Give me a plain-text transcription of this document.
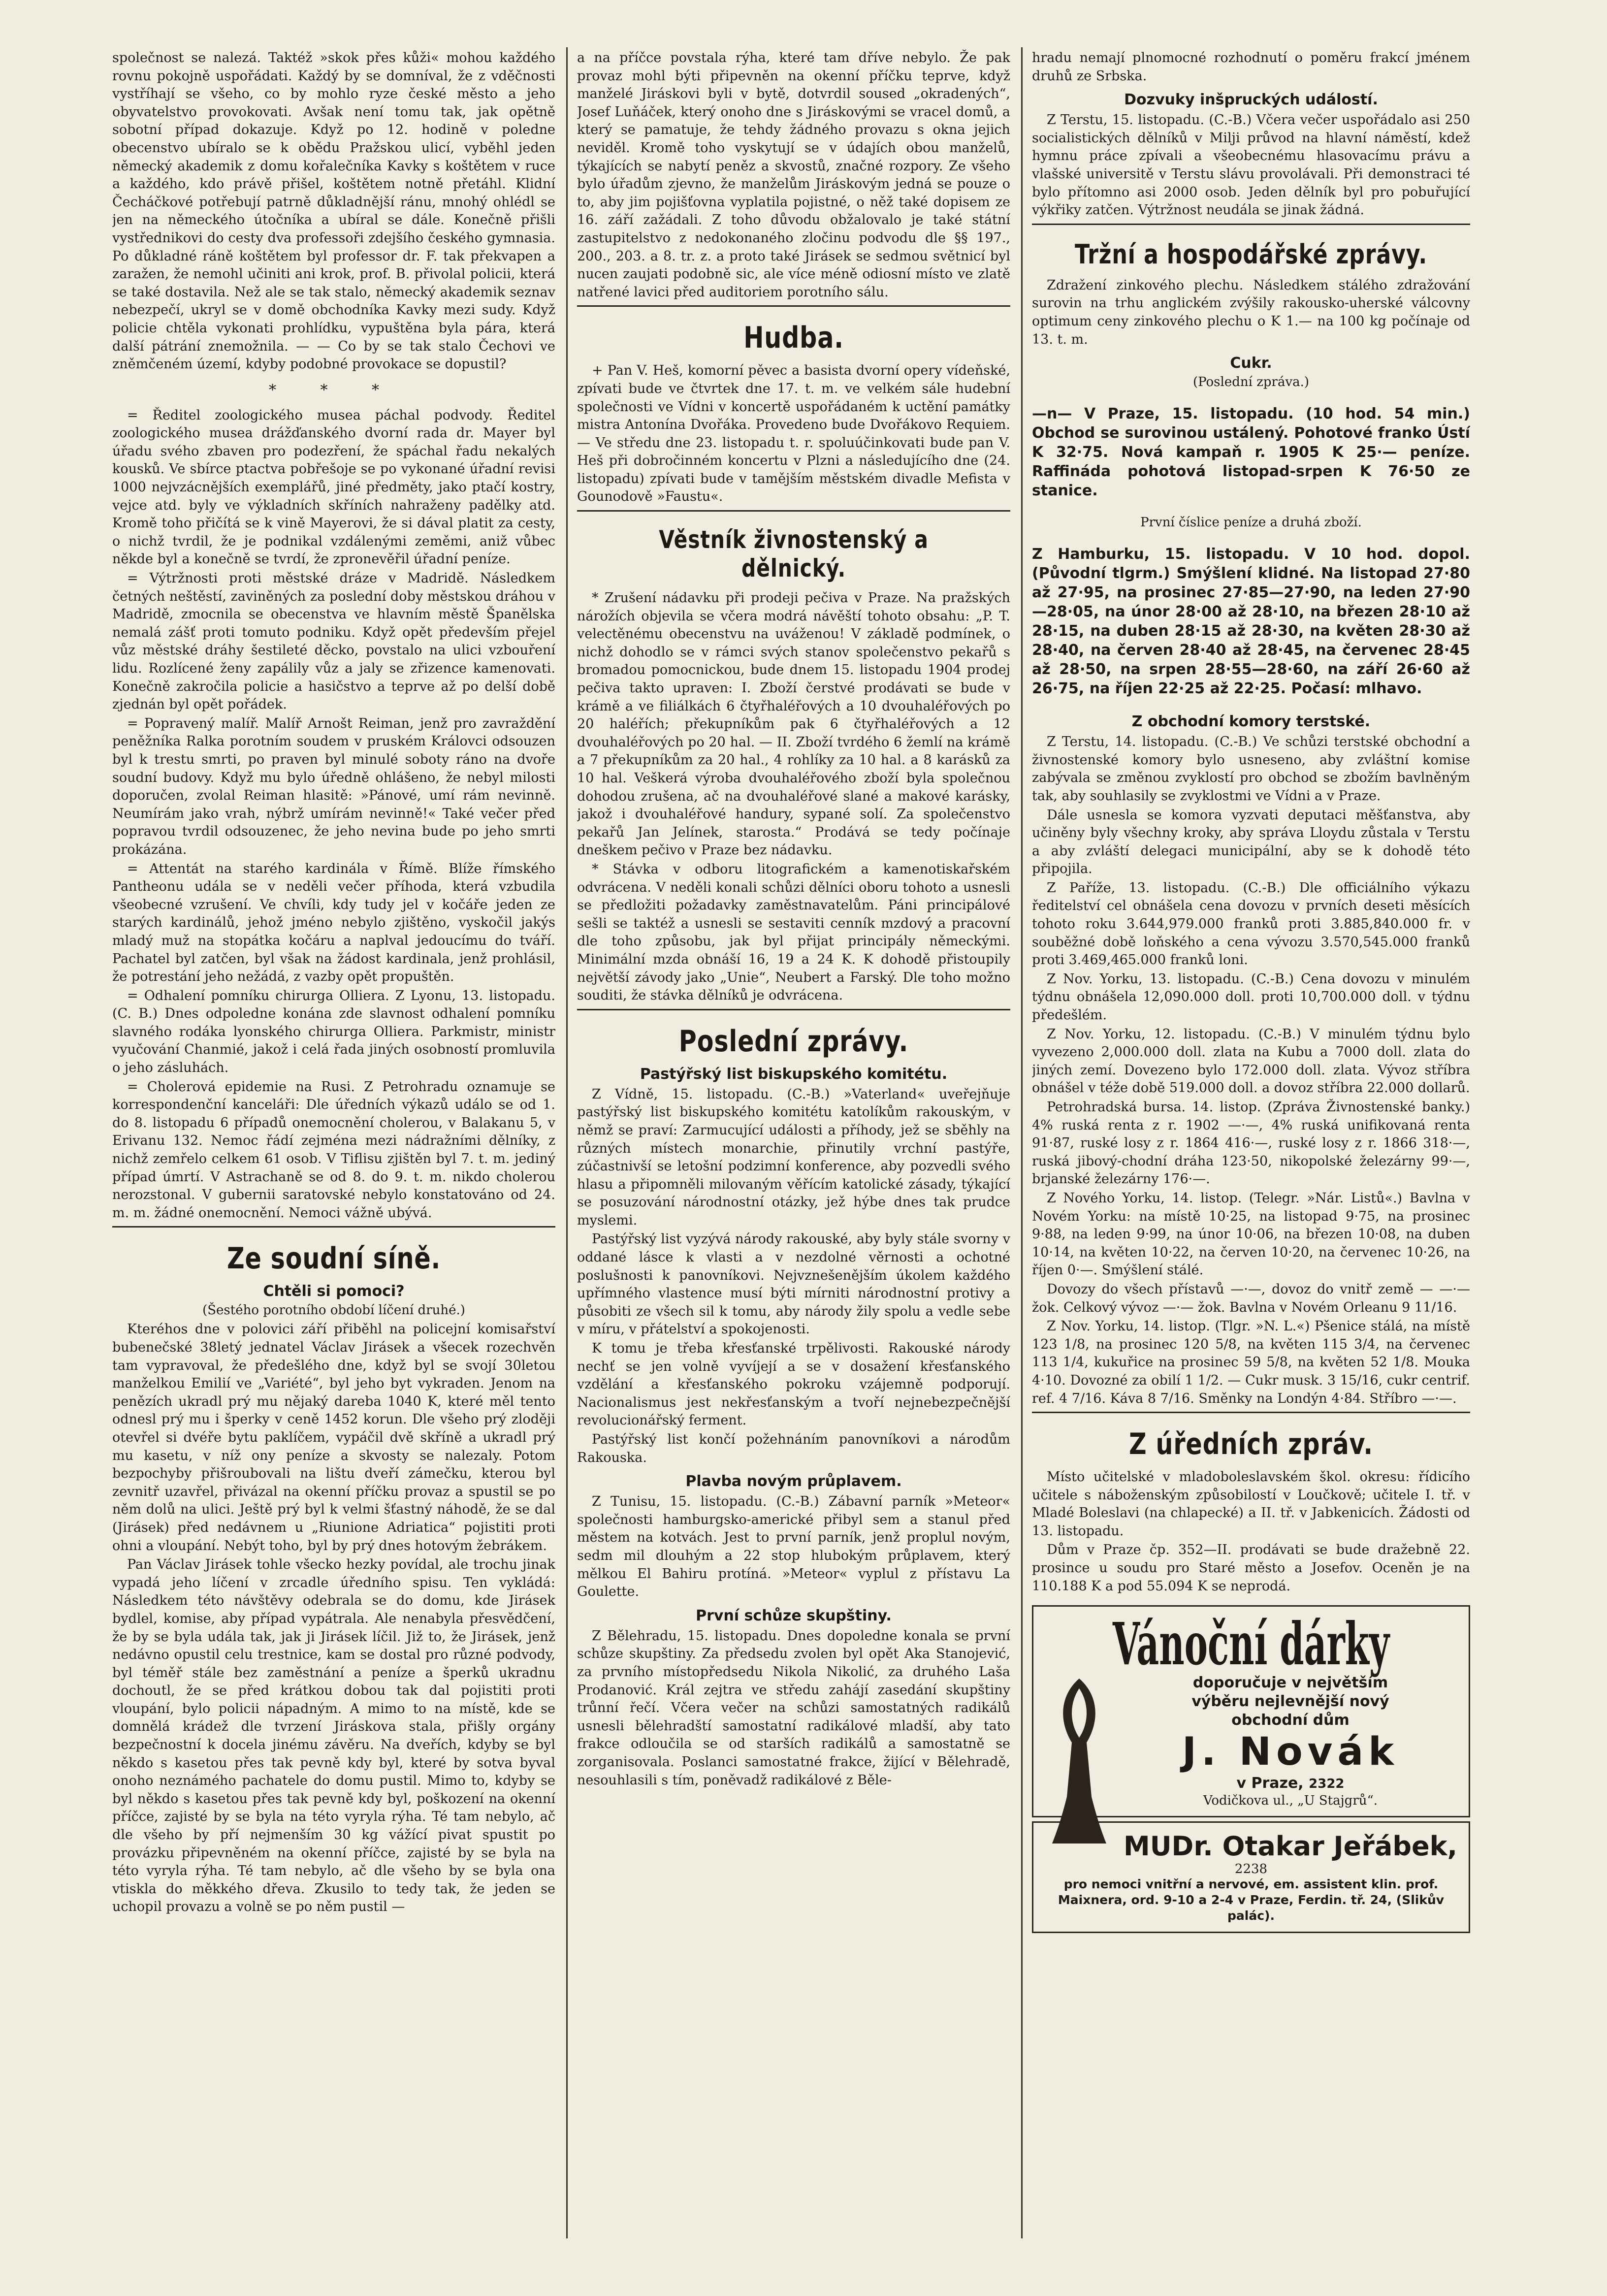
společnost se nalezá. Taktéž »skok přes kůži« mohou každého rovnu pokojně uspořádati. Každý by se domníval, že z vděčnosti vystříhají se všeho, co by mohlo ryze české město a jeho obyvatelstvo provokovati. Avšak není tomu tak, jak opětně sobotní případ dokazuje. Když po 12. hodině v poledne obecenstvo ubíralo se k obědu Pražskou ulicí, vyběhl jeden německý akademik z domu kořalečníka Kavky s koštětem v ruce a každého, kdo právě přišel, koštětem notně přetáhl. Klidní Čecháčkové potřebují patrně důkladnější ránu, mnohý ohlédl se jen na německého útočníka a ubíral se dále. Konečně přišli vystřednikovi do cesty dva professoři zdejšího českého gymnasia. Po důkladné ráně koštětem byl professor dr. F. tak překvapen a zaražen, že nemohl učiniti ani krok, prof. B. přivolal policii, která se také dostavila. Než ale se tak stalo, německý akademik seznav nebezpečí, ukryl se v domě obchodníka Kavky mezi sudy. Když policie chtěla vykonati prohlídku, vypuštěna byla pára, která další pátrání znemožnila. — — Co by se tak stalo Čechovi ve zněmčeném území, kdyby podobné provokace se dopustil?

* * *

= Ředitel zoologického musea páchal podvody. Ředitel zoologického musea drážďanského dvorní rada dr. Mayer byl úřadu svého zbaven pro podezření, že spáchal řadu nekalých kousků. Ve sbírce ptactva pobřešoje se po vykonané úřadní revisi 1000 nejvzácnějších exemplářů, jiné předměty, jako ptačí kostry, vejce atd. byly ve výkladních skříních nahraženy padělky atd. Kromě toho přičítá se k vině Mayerovi, že si dával platit za cesty, o nichž tvrdil, že je podnikal vzdálenými zeměmi, aniž vůbec někde byl a konečně se tvrdí, že zpronevěřil úřadní peníze.

= Výtržnosti proti městské dráze v Madridě. Následkem četných neštěstí, zaviněných za poslední doby městskou dráhou v Madridě, zmocnila se obecenstva ve hlavním městě Španělska nemalá zášť proti tomuto podniku. Když opět především přejel vůz městské dráhy šestileté děcko, povstalo na ulici vzbouření lidu. Rozlícené ženy zapálily vůz a jaly se zřizence kamenovati. Konečně zakročila policie a hasičstvo a teprve až po delší době zjednán byl opět pořádek.

= Popravený malíř. Malíř Arnošt Reiman, jenž pro zavraždění peněžníka Ralka porotním soudem v pruském Královci odsouzen byl k trestu smrti, po praven byl minulé soboty ráno na dvoře soudní budovy. Když mu bylo úředně ohlášeno, že nebyl milosti doporučen, zvolal Reiman hlasitě: »Pánové, umí rám nevinně. Neumírám jako vrah, nýbrž umírám nevinně!« Také večer před popravou tvrdil odsouzenec, že jeho nevina bude po jeho smrti prokázána.

= Attentát na starého kardinála v Římě. Blíže římského Pantheonu udála se v neděli večer příhoda, která vzbudila všeobecné vzrušení. Ve chvíli, kdy tudy jel v kočáře jeden ze starých kardinálů, jehož jméno nebylo zjištěno, vyskočil jakýs mladý muž na stopátka kočáru a naplval jedoucímu do tváří. Pachatel byl zatčen, byl však na žádost kardinala, jenž prohlásil, že potrestání jeho nežádá, z vazby opět propuštěn.

= Odhalení pomníku chirurga Olliera. Z Lyonu, 13. listopadu. (C. B.) Dnes odpoledne konána zde slavnost odhalení pomníku slavného rodáka lyonského chirurga Olliera. Parkmistr, ministr vyučování Chanmié, jakož i celá řada jiných osobností promluvila o jeho zásluhách.

= Cholerová epidemie na Rusi. Z Petrohradu oznamuje se korrespondenční kanceláři: Dle úředních výkazů událo se od 1. do 8. listopadu 6 případů onemocnění cholerou, v Balakanu 5, v Erivanu 132. Nemoc řádí zejména mezi nádražními dělníky, z nichž zemřelo celkem 61 osob. V Tiflisu zjištěn byl 7. t. m. jediný případ úmrtí. V Astrachaně se od 8. do 9. t. m. nikdo cholerou nerozstonal. V gubernii saratovské nebylo konstatováno od 24. m. m. žádné onemocnění. Nemoci vážně ubývá.

Ze soudní síně.
Chtěli si pomoci?
(Šestého porotního období líčení druhé.)

Kteréhos dne v polovici září přiběhl na policejní komisařství bubenečské 38letý jednatel Václav Jirásek a všecek rozechvěn tam vypravoval, že předešlého dne, když byl se svojí 30letou manželkou Emilií ve „Variété“, byl jeho byt vykraden. Jenom na penězích ukradl prý mu nějaký dareba 1040 K, které měl tento odnesl prý mu i šperky v ceně 1452 korun. Dle všeho prý zloději otevřel si dvéře bytu paklíčem, vypáčil dvě skříně a ukradl prý mu kasetu, v níž ony peníze a skvosty se nalezaly. Potom bezpochyby přišroubovali na lištu dveří zámečku, kterou byl zevnitř uzavřel, přivázal na okenní příčku provaz a spustil se po něm dolů na ulici. Ještě prý byl k velmi šťastný náhodě, že se dal (Jirásek) před nedávnem u „Riunione Adriatica“ pojistiti proti ohni a vloupání. Nebýt toho, byl by prý dnes hotovým žebrákem.

Pan Václav Jirásek tohle všecko hezky povídal, ale trochu jinak vypadá jeho líčení v zrcadle úředního spisu. Ten vykládá: Následkem této návštěvy odebrala se do domu, kde Jirásek bydlel, komise, aby případ vypátrala. Ale nenabyla přesvědčení, že by se byla udála tak, jak ji Jirásek líčil. Již to, že Jirásek, jenž nedávno opustil celu trestnice, kam se dostal pro různé podvody, byl téměř stále bez zaměstnání a peníze a šperků ukradnu dochoutl, že se před krátkou dobou tak dal pojistiti proti vloupání, bylo policii nápadným. A mimo to na místě, kde se domnělá krádež dle tvrzení Jiráskova stala, přišly orgány bezpečnostní k docela jinému závěru. Na dveřích, kdyby se byl někdo s kasetou přes tak pevně kdy byl, které by sotva byval onoho neznámého pachatele do domu pustil. Mimo to, kdyby se byl někdo s kasetou přes tak pevně kdy byl, poškození na okenní příčce, zajisté by se byla na této vyryla rýha. Té tam nebylo, ač dle všeho by pří nejmenším 30 kg vážící pivat spustit po provázku připevněném na okenní příčce, zajisté by se byla na této vyryla rýha. Té tam nebylo, ač dle všeho by se byla ona vtiskla do měkkého dřeva. Zkusilo to tedy tak, že jeden se uchopil provazu a volně se po něm pustil —

a na příčce povstala rýha, které tam dříve nebylo. Že pak provaz mohl býti připevněn na okenní příčku teprve, když manželé Jiráskovi byli v bytě, dotvrdil soused „okradených“, Josef Luňáček, který onoho dne s Jiráskovými se vracel domů, a který se pamatuje, že tehdy žádného provazu s okna jejich neviděl. Kromě toho vyskytují se v údajích obou manželů, týkajících se nabytí peněz a skvostů, značné rozpory. Ze všeho bylo úřadům zjevno, že manželům Jiráskovým jedná se pouze o to, aby jim pojišťovna vyplatila pojistné, o něž také dopisem ze 16. září zažádali. Z toho důvodu obžalovalo je také státní zastupitelstvo z nedokonaného zločinu podvodu dle §§ 197., 200., 203. a 8. tr. z. a proto také Jirásek se sedmou světnicí byl nucen zaujati podobně sic, ale více méně odiosní místo ve zlatě natřené lavici před auditoriem porotního sálu.

Hudba.

+ Pan V. Heš, komorní pěvec a basista dvorní opery vídeňské, zpívati bude ve čtvrtek dne 17. t. m. ve velkém sále hudební společnosti ve Vídni v koncertě uspořádaném k uctění památky mistra Antonína Dvořáka. Provedeno bude Dvořákovo Requiem. — Ve středu dne 23. listopadu t. r. spoluúčinkovati bude pan V. Heš při dobročinném koncertu v Plzni a následujícího dne (24. listopadu) zpívati bude v tamějším městském divadle Mefista v Gounodově »Faustu«.

Věstník živnostenský a dělnický.

* Zrušení nádavku při prodeji pečiva v Praze. Na pražských nárožích objevila se včera modrá návěští tohoto obsahu: „P. T. velectěnému obecenstvu na uváženou! V základě podmínek, o nichž dohodlo se v rámci svých stanov společenstvo pekařů s bromadou pomocnickou, bude dnem 15. listopadu 1904 prodej pečiva takto upraven: I. Zboží čerstvé prodávati se bude v krámě a ve filiálkách 6 čtyřhaléřových a 10 dvouhaléřových po 20 haléřích; překupníkům pak 6 čtyřhaléřových a 12 dvouhaléřových po 20 hal. — II. Zboží tvrdého 6 žemlí na krámě a 7 překupníkům za 20 hal., 4 rohlíky za 10 hal. a 8 karásků za 10 hal. Veškerá výroba dvouhaléřového zboží byla společnou dohodou zrušena, ač na dvouhaléřové slané a makové karásky, jakož i dvouhaléřové handury, sypané solí. Za společenstvo pekařů Jan Jelínek, starosta.“ Prodává se tedy počínaje dneškem pečivo v Praze bez nádavku.

* Stávka v odboru litografickém a kamenotiskařském odvrácena. V neděli konali schůzi dělníci oboru tohoto a usnesli se předložiti požadavky zaměstnavatelům. Páni principálové sešli se taktéž a usnesli se sestaviti cenník mzdový a pracovní dle toho způsobu, jak byl přijat principály německými. Minimální mzda obnáší 16, 19 a 24 K. K dohodě přistoupily největší závody jako „Unie“, Neubert a Farský. Dle toho možno souditi, že stávka dělníků je odvrácena.

Poslední zprávy.
Pastýřský list biskupského komitétu.

Z Vídně, 15. listopadu. (C.-B.) »Vaterland« uveřejňuje pastýřský list biskupského komitétu katolíkům rakouským, v němž se praví: Zarmucující události a příhody, jež se sběhly na různých místech monarchie, přinutily vrchní pastýře, zúčastnivší se letošní podzimní konference, aby pozvedli svého hlasu a připomněli milovaným věřícím katolické zásady, týkající se posuzování národnostní otázky, jež hýbe dnes tak prudce myslemi.

Pastýřský list vyzývá národy rakouské, aby byly stále svorny v oddané lásce k vlasti a v nezdolné věrnosti a ochotné poslušnosti k panovníkovi. Nejvznešenějším úkolem každého upřímného vlastence musí býti mírniti národnostní protivy a působiti ze všech sil k tomu, aby národy žily spolu a vedle sebe v míru, v přátelství a spokojenosti.

K tomu je třeba křesťanské trpělivosti. Rakouské národy nechť se jen volně vyvíjejí a se v dosažení křesťanského vzdělání a křesťanského pokroku vzájemně podporují. Nacionalismus jest nekřesťanským a tvoří nejnebezpečnější revolucionářský ferment.

Pastýřský list končí požehnáním panovníkovi a národům Rakouska.

Plavba novým průplavem.

Z Tunisu, 15. listopadu. (C.-B.) Zábavní parník »Meteor« společnosti hamburgsko-americké přibyl sem a stanul před městem na kotvách. Jest to první parník, jenž proplul novým, sedm mil dlouhým a 22 stop hlubokým průplavem, který mělkou El Bahiru protíná. »Meteor« vyplul z přístavu La Goulette.

První schůze skupštiny.

Z Bělehradu, 15. listopadu. Dnes dopoledne konala se první schůze skupštiny. Za předsedu zvolen byl opět Aka Stanojević, za prvního místopředsedu Nikola Nikolić, za druhého Laša Prodanović. Král zejtra ve středu zahájí zasedání skupštiny trůnní řečí. Včera večer na schůzi samostatných radikálů usnesli bělehradští samostatní radikálové mladší, aby tato frakce odloučila se od starších radikálů a samostatně se zorganisovala. Poslanci samostatné frakce, žijící v Bělehradě, nesouhlasili s tím, poněvadž radikálové z Běle-

hradu nemají plnomocné rozhodnutí o poměru frakcí jménem druhů ze Srbska.

Dozvuky inšpruckých událostí.

Z Terstu, 15. listopadu. (C.-B.) Včera večer uspořádalo asi 250 socialistických dělníků v Milji průvod na hlavní náměstí, kdež hymnu práce zpívali a všeobecnému hlasovacímu právu a vlašské universitě v Terstu slávu provolávali. Při demonstraci té bylo přítomno asi 2000 osob. Jeden dělník byl pro pobuřující výkřiky zatčen. Výtržnost neudála se jinak žádná.

Tržní a hospodářské zprávy.

Zdražení zinkového plechu. Následkem stálého zdražování surovin na trhu anglickém zvýšily rakousko-uherské válcovny optimum ceny zinkového plechu o K 1.— na 100 kg počínaje od 13. t. m.

Cukr.
(Poslední zpráva.)

—n— V Praze, 15. listopadu. (10 hod. 54 min.) Obchod se surovinou ustálený. Pohotové franko Ústí K 32·75. Nová kampaň r. 1905 K 25·— peníze. Raffináda pohotová listopad-srpen K 76·50 ze stanice.

První číslice peníze a druhá zboží.

Z Hamburku, 15. listopadu. V 10 hod. dopol. (Původní tlgrm.) Smýšlení klidné. Na listopad 27·80 až 27·95, na prosinec 27·85—27·90, na leden 27·90—28·05, na únor 28·00 až 28·10, na březen 28·10 až 28·15, na duben 28·15 až 28·30, na květen 28·30 až 28·40, na červen 28·40 až 28·45, na červenec 28·45 až 28·50, na srpen 28·55—28·60, na září 26·60 až 26·75, na říjen 22·25 až 22·25. Počasí: mlhavo.

Z obchodní komory terstské.

Z Terstu, 14. listopadu. (C.-B.) Ve schůzi terstské obchodní a živnostenské komory bylo usneseno, aby zvláštní komise zabývala se změnou zvyklostí pro obchod se zbožím bavlněným tak, aby souhlasily se zvyklostmi ve Vídni a v Praze.

Dále usnesla se komora vyzvati deputaci měšťanstva, aby učiněny byly všechny kroky, aby správa Lloydu zůstala v Terstu a aby zvláští delegaci municipální, aby se k dohodě této připojila.

Z Paříže, 13. listopadu. (C.-B.) Dle officiálního výkazu ředitelství cel obnášela cena dovozu v prvních deseti měsících tohoto roku 3.644,979.000 franků proti 3.885,840.000 fr. v souběžné době loňského a cena vývozu 3.570,545.000 franků proti 3.469,465.000 franků loni.

Z Nov. Yorku, 13. listopadu. (C.-B.) Cena dovozu v minulém týdnu obnášela 12,090.000 doll. proti 10,700.000 doll. v týdnu předešlém.

Z Nov. Yorku, 12. listopadu. (C.-B.) V minulém týdnu bylo vyvezeno 2,000.000 doll. zlata na Kubu a 7000 doll. zlata do jiných zemí. Dovezeno bylo 172.000 doll. zlata. Vývoz stříbra obnášel v téže době 519.000 doll. a dovoz stříbra 22.000 dollarů.

Petrohradská bursa. 14. listop. (Zpráva Živnostenské banky.) 4% ruská renta z r. 1902 —·—, 4% ruská unifikovaná renta 91·87, ruské losy z r. 1864 416·—, ruské losy z r. 1866 318·—, ruská jibový-chodní dráha 123·50, nikopolské železárny 99·—, brjanské železárny 176·—.

Z Nového Yorku, 14. listop. (Telegr. »Nár. Listů«.) Bavlna v Novém Yorku: na místě 10·25, na listopad 9·75, na prosinec 9·88, na leden 9·99, na únor 10·06, na březen 10·08, na duben 10·14, na květen 10·22, na červen 10·20, na červenec 10·26, na říjen 0·—. Smýšlení stálé.

Dovozy do všech přístavů —·—, dovoz do vnitř země — —·— žok. Celkový vývoz —·— žok. Bavlna v Novém Orleanu 9 11/16.

Z Nov. Yorku, 14. listop. (Tlgr. »N. L.«) Pšenice stálá, na místě 123 1/8, na prosinec 120 5/8, na květen 115 3/4, na červenec 113 1/4, kukuřice na prosinec 59 5/8, na květen 52 1/8. Mouka 4·10. Dovozné za obilí 1 1/2. — Cukr musk. 3 15/16, cukr centrif. ref. 4 7/16. Káva 8 7/16. Směnky na Londýn 4·84. Stříbro —·—.

Z úředních zpráv.

Místo učitelské v mladoboleslavském škol. okresu: řídicího učitele s náboženským způsobilostí v Loučkově; učitele I. tř. v Mladé Boleslavi (na chlapecké) a II. tř. v Jabkenicích. Žádosti od 13. listopadu.

Dům v Praze čp. 352—II. prodávati se bude dražebně 22. prosince u soudu pro Staré město a Josefov. Oceněn je na 110.188 K a pod 55.094 K se neprodá.

Vánoční dárky
doporučuje v největším
výběru nejlevnější nový
obchodní dům
J. Novák
v Praze, 2322
Vodičkova ul., „U Stajgrů“.
MUDr. Otakar Jeřábek, 2238
pro nemoci vnitřní a nervové, em. assistent klin. prof. Maixnera, ord. 9-10 a 2-4 v Praze, Ferdin. tř. 24, (Slikův palác).
